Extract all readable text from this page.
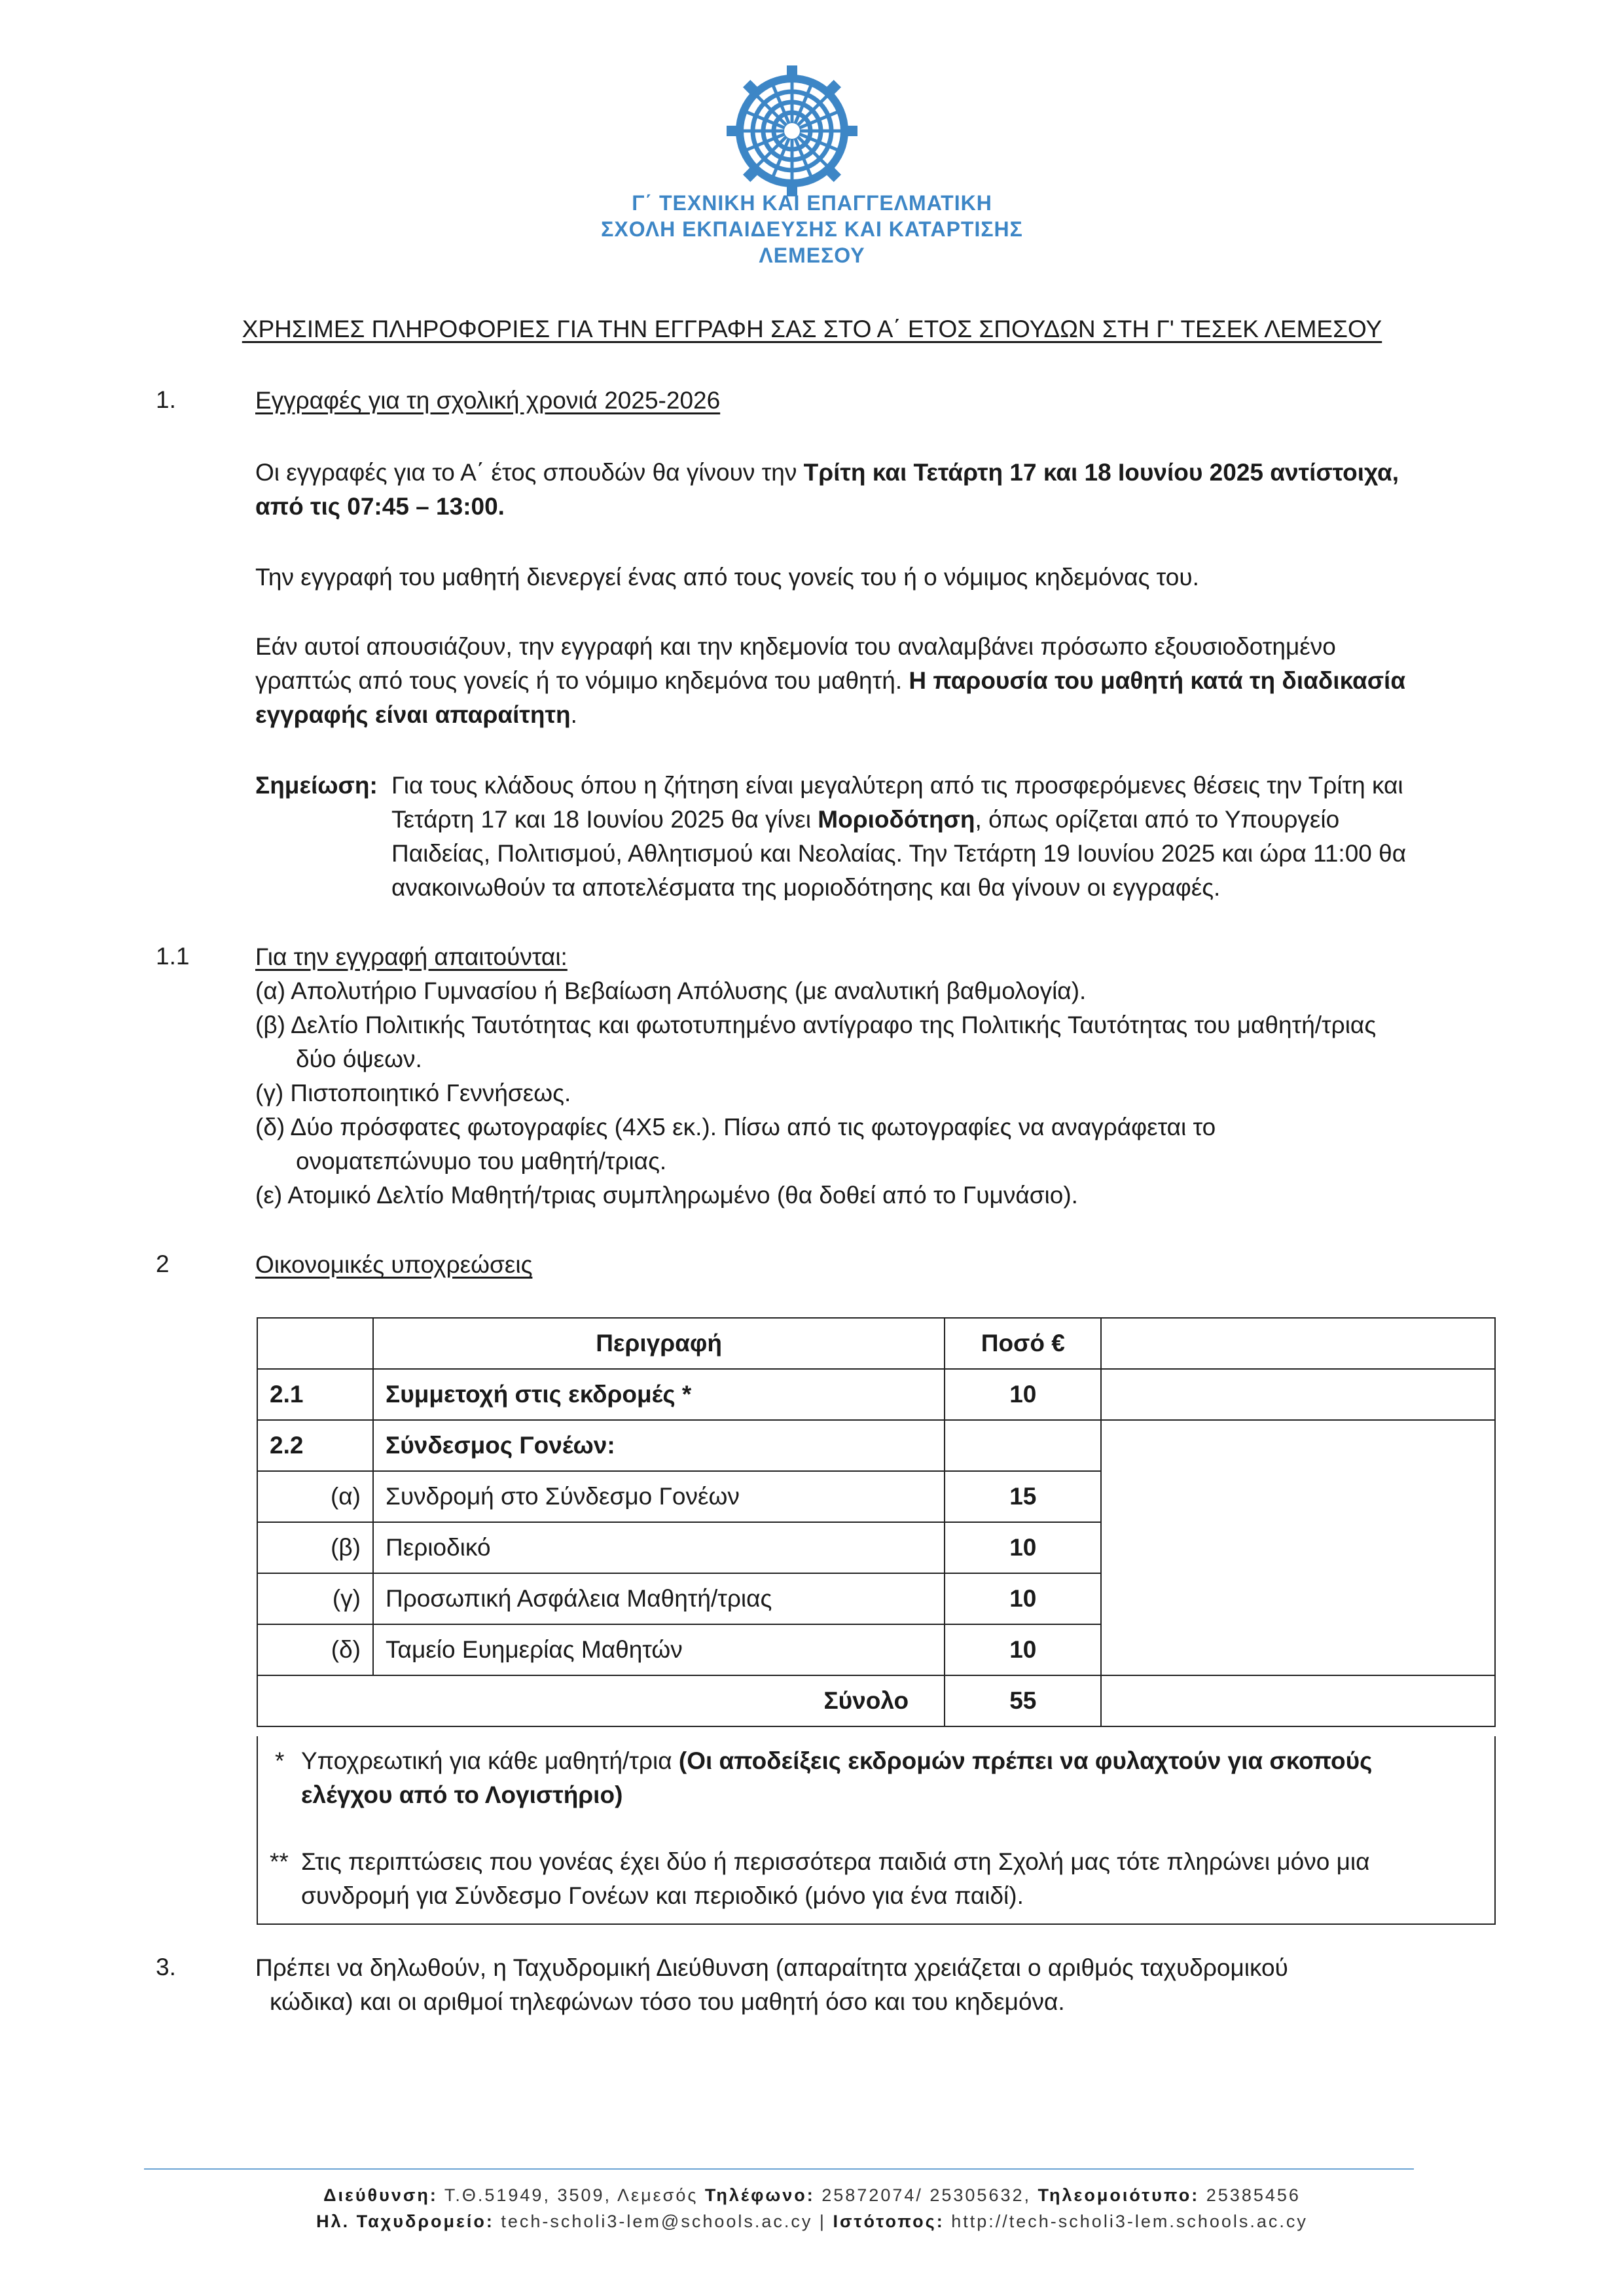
Γ΄ ΤΕΧΝΙΚΗ ΚΑΙ ΕΠΑΓΓΕΛΜΑΤΙΚΗ
ΣΧΟΛΗ ΕΚΠΑΙΔΕΥΣΗΣ ΚΑΙ ΚΑΤΑΡΤΙΣΗΣ
ΛΕΜΕΣΟΥ
ΧΡΗΣΙΜΕΣ ΠΛΗΡΟΦΟΡΙΕΣ ΓΙΑ ΤΗΝ ΕΓΓΡΑΦΗ ΣΑΣ ΣΤΟ Α΄ ΕΤΟΣ ΣΠΟΥΔΩΝ ΣΤΗ Γ' ΤΕΣΕΚ ΛΕΜΕΣΟΥ
1.	Εγγραφές για τη σχολική χρονιά 2025-2026
Οι εγγραφές για το Α΄ έτος σπουδών θα γίνουν την Τρίτη και Τετάρτη 17 και 18 Ιουνίου 2025 αντίστοιχα,
από τις 07:45 – 13:00.
Την εγγραφή του μαθητή διενεργεί ένας από τους γονείς του ή ο νόμιμος κηδεμόνας του.
Εάν αυτοί απουσιάζουν, την εγγραφή και την κηδεμονία του αναλαμβάνει πρόσωπο εξουσιοδοτημένο
γραπτώς από τους γονείς ή το νόμιμο κηδεμόνα του μαθητή. Η παρουσία του μαθητή κατά τη διαδικασία
εγγραφής είναι απαραίτητη.
Σημείωση: Για τους κλάδους όπου η ζήτηση είναι μεγαλύτερη από τις προσφερόμενες θέσεις την Τρίτη και
Τετάρτη 17 και 18 Ιουνίου 2025 θα γίνει Μοριοδότηση, όπως ορίζεται από το Υπουργείο
Παιδείας, Πολιτισμού, Αθλητισμού και Νεολαίας. Την Τετάρτη 19 Ιουνίου 2025 και ώρα 11:00 θα
ανακοινωθούν τα αποτελέσματα της μοριοδότησης και θα γίνουν οι εγγραφές.
1.1	Για την εγγραφή απαιτούνται:
(α) Απολυτήριο Γυμνασίου ή Βεβαίωση Απόλυσης (με αναλυτική βαθμολογία).
(β) Δελτίο Πολιτικής Ταυτότητας και φωτοτυπημένο αντίγραφο της Πολιτικής Ταυτότητας του μαθητή/τριας
δύο όψεων.
(γ) Πιστοποιητικό Γεννήσεως.
(δ) Δύο πρόσφατες φωτογραφίες (4Χ5 εκ.). Πίσω από τις φωτογραφίες να αναγράφεται το
ονοματεπώνυμο του μαθητή/τριας.
(ε) Ατομικό Δελτίο Μαθητή/τριας συμπληρωμένο (θα δοθεί από το Γυμνάσιο).
2	Οικονομικές υποχρεώσεις
	Περιγραφή	Ποσό €	
2.1	Συμμετοχή στις εκδρομές *	10	
2.2	Σύνδεσμος Γονέων:		
(α)	Συνδρομή στο Σύνδεσμο Γονέων	15	
(β)	Περιοδικό	10	
(γ)	Προσωπική Ασφάλεια Μαθητή/τριας	10	
(δ)	Ταμείο Ευημερίας Μαθητών	10	
Σύνολο		55	
* Υποχρεωτική για κάθε μαθητή/τρια (Οι αποδείξεις εκδρομών πρέπει να φυλαχτούν για σκοπούς
ελέγχου από το Λογιστήριο)
** Στις περιπτώσεις που γονέας έχει δύο ή περισσότερα παιδιά στη Σχολή μας τότε πληρώνει μόνο μια
συνδρομή για Σύνδεσμο Γονέων και περιοδικό (μόνο για ένα παιδί).
3.	Πρέπει να δηλωθούν, η Ταχυδρομική Διεύθυνση (απαραίτητα χρειάζεται ο αριθμός ταχυδρομικού
κώδικα) και οι αριθμοί τηλεφώνων τόσο του μαθητή όσο και του κηδεμόνα.
Διεύθυνση: Τ.Θ.51949, 3509, Λεμεσός Τηλέφωνο: 25872074/ 25305632, Τηλεομοιότυπο: 25385456
Ηλ. Ταχυδρομείο: tech-scholi3-lem@schools.ac.cy | Ιστότοπος: http://tech-scholi3-lem.schools.ac.cy
